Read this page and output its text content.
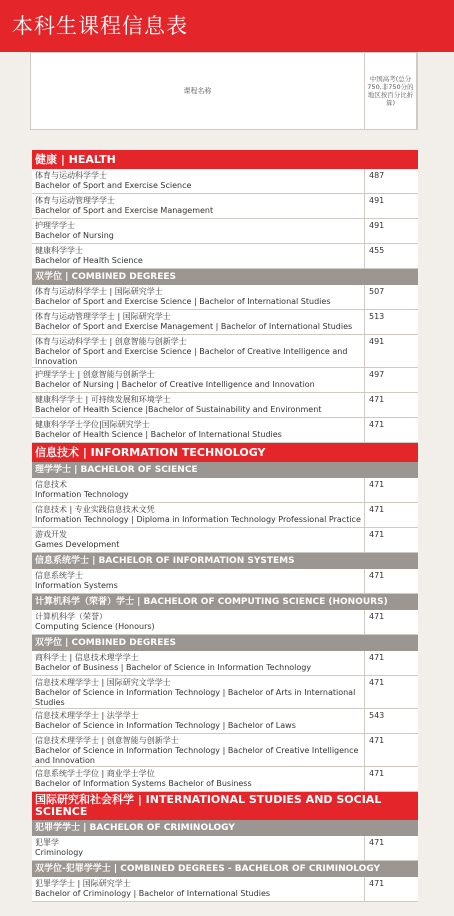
本科生课程信息表
课程名称
中国高考(总分750,非750分的地区按百分比折算)
健康 | HEALTH
体育与运动科学学士
Bachelor of Sport and Exercise Science
487
体育与运动管理学学士
Bachelor of Sport and Exercise Management
491
护理学学士
Bachelor of Nursing
491
健康科学学士
Bachelor of Health Science
455
双学位 | COMBINED DEGREES
体育与运动科学学士 | 国际研究学士
Bachelor of Sport and Exercise Science | Bachelor of International Studies
507
体育与运动管理学学士 | 国际研究学士
Bachelor of Sport and Exercise Management | Bachelor of International Studies
513
体育与运动科学学士 | 创意智能与创新学士
Bachelor of Sport and Exercise Science | Bachelor of Creative Intelligence and Innovation
491
护理学学士 | 创意智能与创新学士
Bachelor of Nursing | Bachelor of Creative Intelligence and Innovation
497
健康科学学士 | 可持续发展和环境学士
Bachelor of Health Science |Bachelor of Sustainability and Environment
471
健康科学学士学位|国际研究学士
Bachelor of Health Science | Bachelor of International Studies
471
信息技术 | INFORMATION TECHNOLOGY
理学学士 | BACHELOR OF SCIENCE
信息技术
Information Technology
471
信息技术 | 专业实践信息技术文凭
Information Technology | Diploma in Information Technology Professional Practice
471
游戏开发
Games Development
471
信息系统学士 | BACHELOR OF INFORMATION SYSTEMS
信息系统学士
Information Systems
471
计算机科学（荣誉）学士 | BACHELOR OF COMPUTING SCIENCE (HONOURS)
计算机科学（荣誉）
Computing Science (Honours)
471
双学位 | COMBINED DEGREES
商科学士 | 信息技术理学学士
Bachelor of Business | Bachelor of Science in Information Technology
471
信息技术理学学士 | 国际研究文学学士
Bachelor of Science in Information Technology | Bachelor of Arts in International Studies
471
信息技术理学学士 | 法学学士
Bachelor of Science in Information Technology | Bachelor of Laws
543
信息技术理学学士 | 创意智能与创新学士
Bachelor of Science in Information Technology | Bachelor of Creative Intelligence and Innovation
471
信息系统学士学位 | 商业学士学位
Bachelor of Information Systems Bachelor of Business
471
国际研究和社会科学 | INTERNATIONAL STUDIES AND SOCIAL SCIENCE
犯罪学学士 | BACHELOR OF CRIMINOLOGY
犯罪学
Criminology
471
双学位-犯罪学学士 | COMBINED DEGREES - BACHELOR OF CRIMINOLOGY
犯罪学学士 | 国际研究学士
Bachelor of Criminology | Bachelor of International Studies
471
